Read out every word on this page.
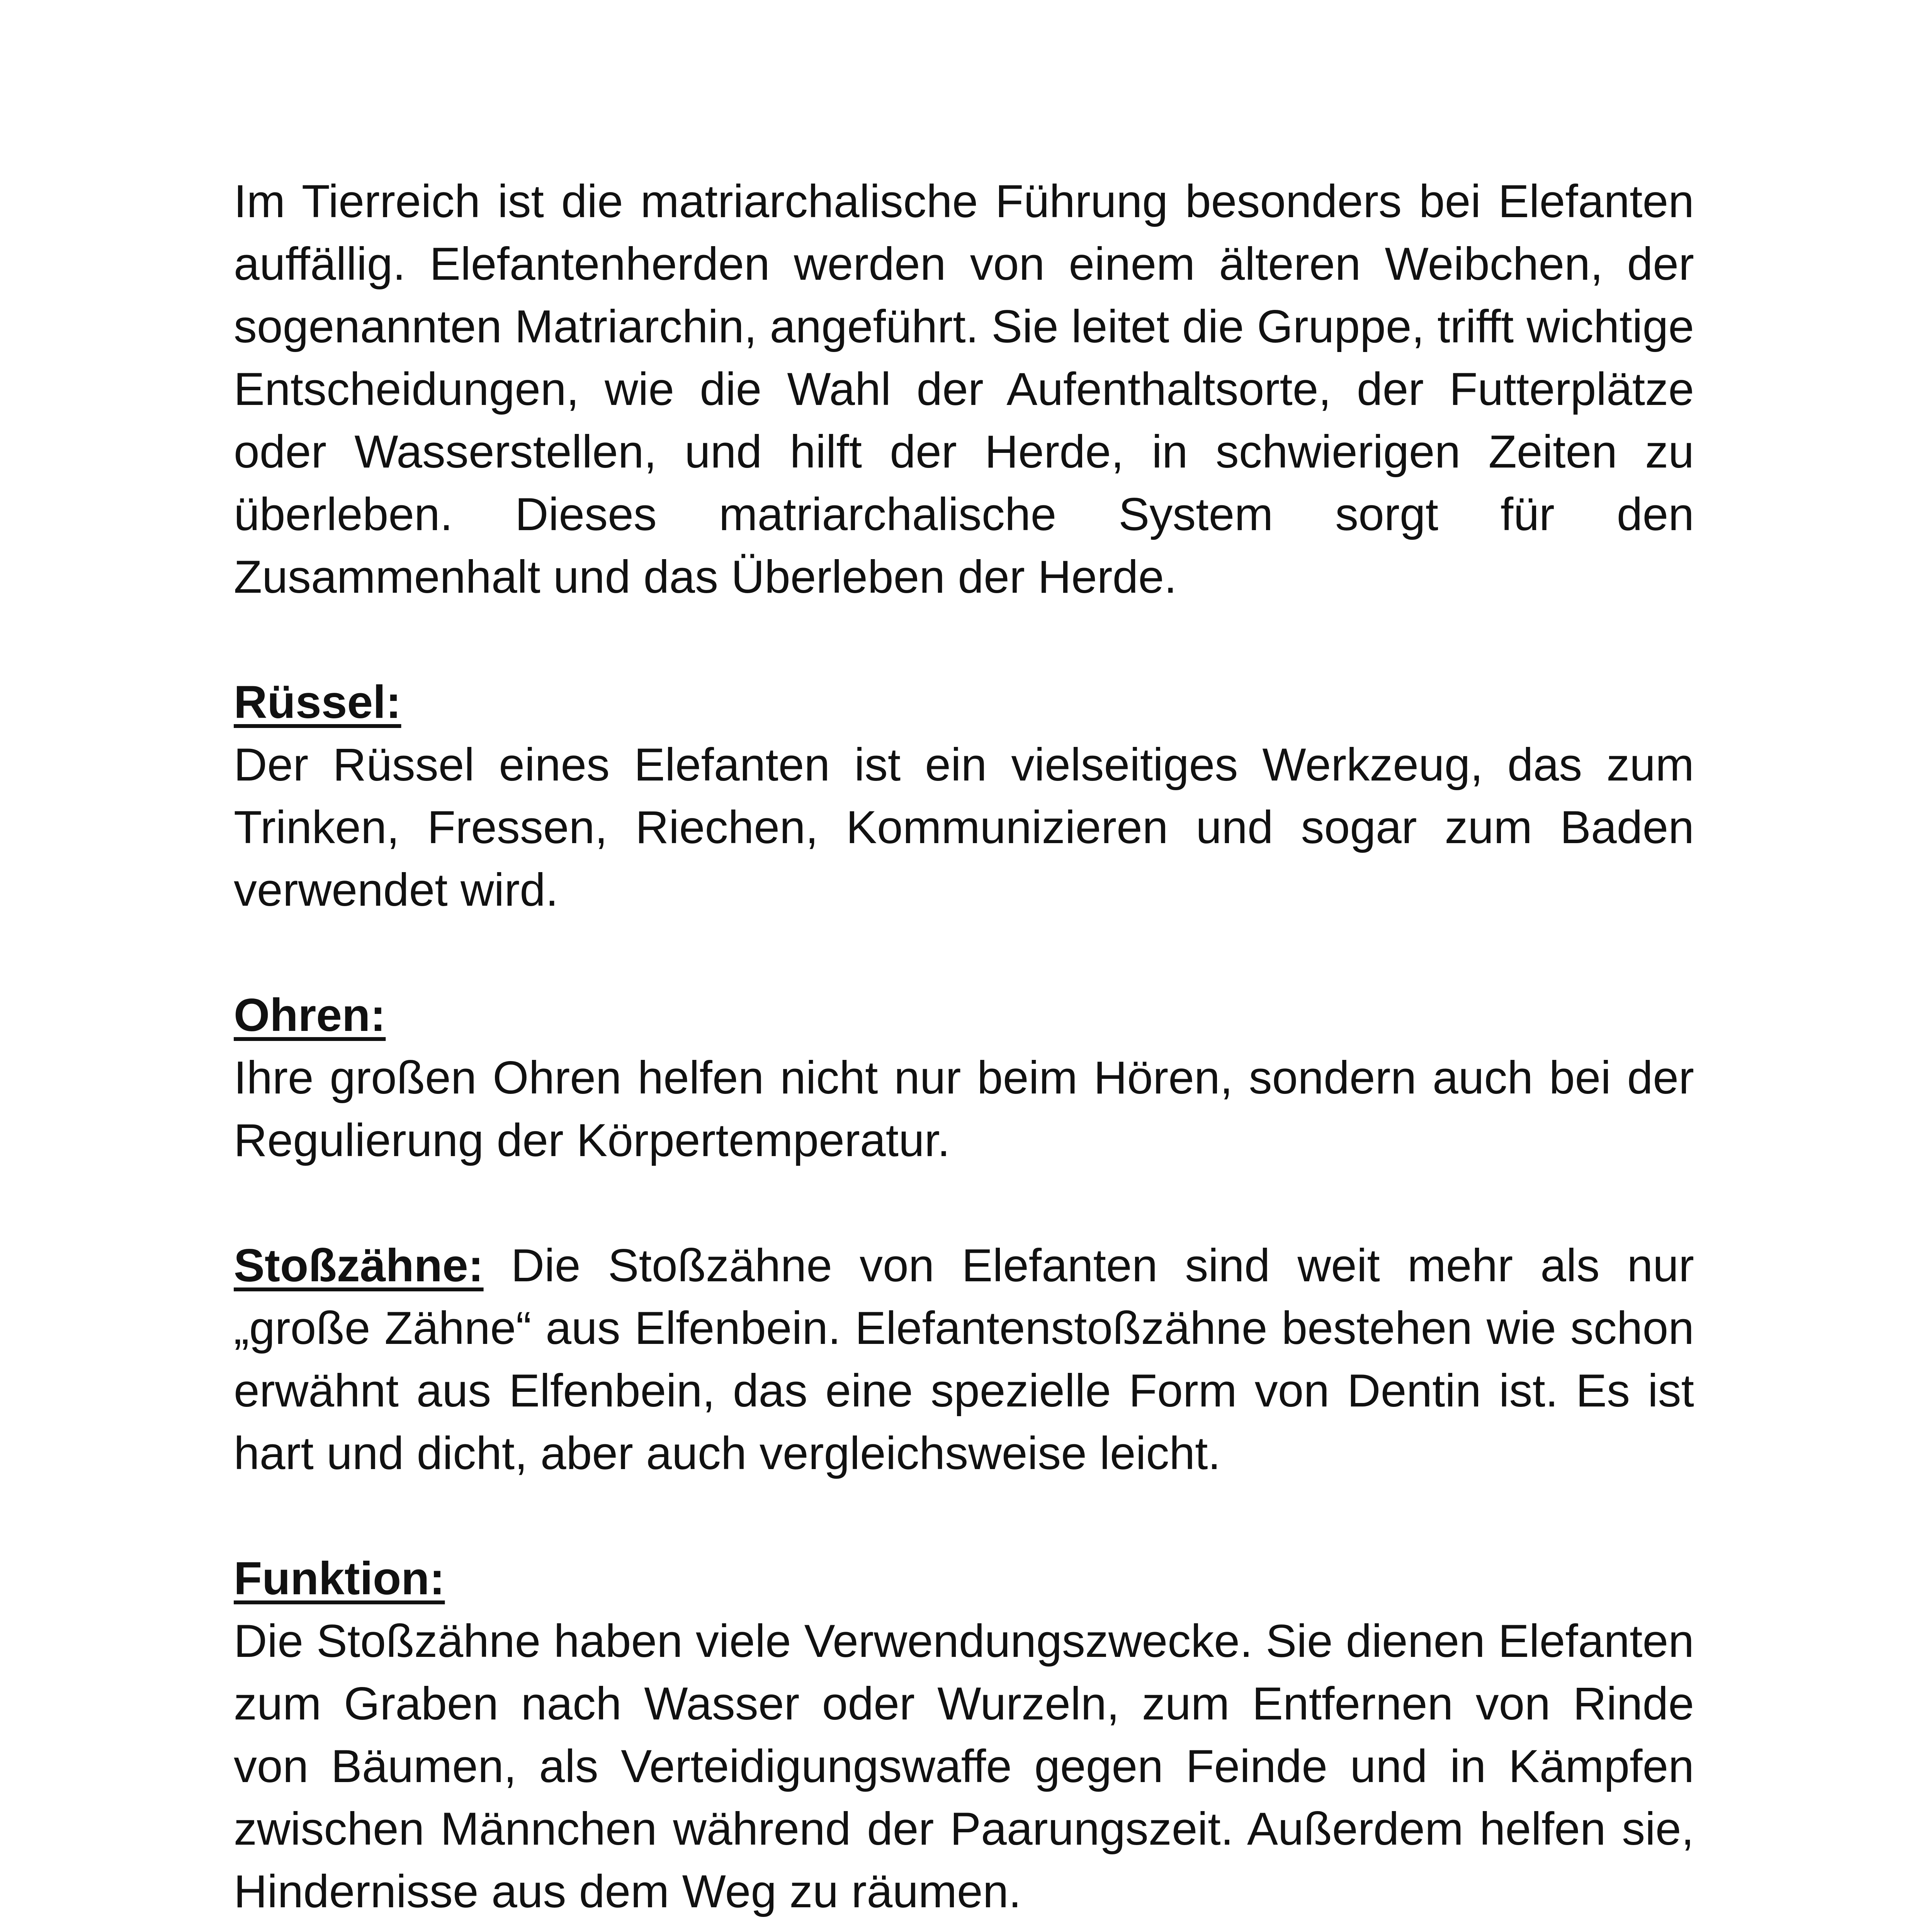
Im Tierreich ist die matriarchalische Führung besonders bei Elefanten auffällig. Elefantenherden werden von einem älteren Weibchen, der sogenannten Matriarchin, angeführt. Sie leitet die Gruppe, trifft wichtige Entscheidungen, wie die Wahl der Aufenthaltsorte, der Futterplätze oder Wasserstellen, und hilft der Herde, in schwierigen Zeiten zu überleben. Dieses matriarchalische System sorgt für den Zusammenhalt und das Überleben der Herde.

Rüssel:

Der Rüssel eines Elefanten ist ein vielseitiges Werkzeug, das zum Trinken, Fressen, Riechen, Kommunizieren und sogar zum Baden verwendet wird.

Ohren:

Ihre großen Ohren helfen nicht nur beim Hören, sondern auch bei der Regulierung der Körpertemperatur.

Stoßzähne: Die Stoßzähne von Elefanten sind weit mehr als nur „große Zähne“ aus Elfenbein. Elefantenstoßzähne bestehen wie schon erwähnt aus Elfenbein, das eine spezielle Form von Dentin ist. Es ist hart und dicht, aber auch vergleichsweise leicht.

Funktion:

Die Stoßzähne haben viele Verwendungszwecke. Sie dienen Elefanten zum Graben nach Wasser oder Wurzeln, zum Entfernen von Rinde von Bäumen, als Verteidigungswaffe gegen Feinde und in Kämpfen zwischen Männchen während der Paarungszeit. Außerdem helfen sie, Hindernisse aus dem Weg zu räumen.
